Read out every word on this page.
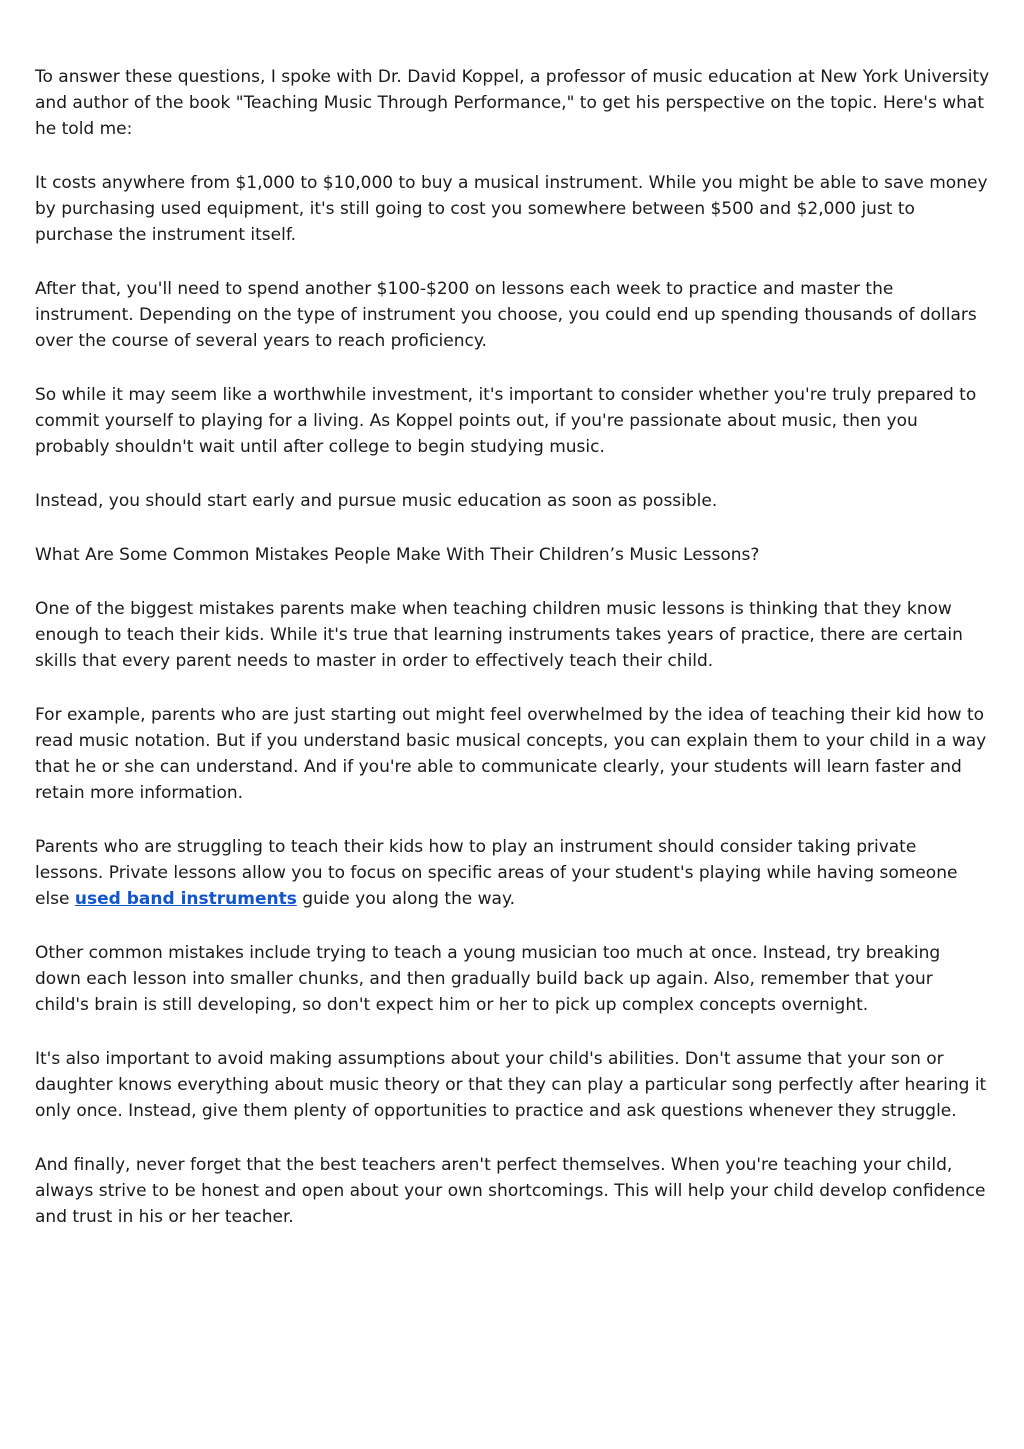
To answer these questions, I spoke with Dr. David Koppel, a professor of music education at New York University and author of the book "Teaching Music Through Performance," to get his perspective on the topic. Here's what he told me:

It costs anywhere from $1,000 to $10,000 to buy a musical instrument. While you might be able to save money by purchasing used equipment, it's still going to cost you somewhere between $500 and $2,000 just to purchase the instrument itself.

After that, you'll need to spend another $100-$200 on lessons each week to practice and master the instrument. Depending on the type of instrument you choose, you could end up spending thousands of dollars over the course of several years to reach proficiency.

So while it may seem like a worthwhile investment, it's important to consider whether you're truly prepared to commit yourself to playing for a living. As Koppel points out, if you're passionate about music, then you probably shouldn't wait until after college to begin studying music.

Instead, you should start early and pursue music education as soon as possible.

What Are Some Common Mistakes People Make With Their Children’s Music Lessons?

One of the biggest mistakes parents make when teaching children music lessons is thinking that they know enough to teach their kids. While it's true that learning instruments takes years of practice, there are certain skills that every parent needs to master in order to effectively teach their child.

For example, parents who are just starting out might feel overwhelmed by the idea of teaching their kid how to read music notation. But if you understand basic musical concepts, you can explain them to your child in a way that he or she can understand. And if you're able to communicate clearly, your students will learn faster and retain more information.

Parents who are struggling to teach their kids how to play an instrument should consider taking private lessons. Private lessons allow you to focus on specific areas of your student's playing while having someone else used band instruments guide you along the way.

Other common mistakes include trying to teach a young musician too much at once. Instead, try breaking down each lesson into smaller chunks, and then gradually build back up again. Also, remember that your child's brain is still developing, so don't expect him or her to pick up complex concepts overnight.

It's also important to avoid making assumptions about your child's abilities. Don't assume that your son or daughter knows everything about music theory or that they can play a particular song perfectly after hearing it only once. Instead, give them plenty of opportunities to practice and ask questions whenever they struggle.

And finally, never forget that the best teachers aren't perfect themselves. When you're teaching your child, always strive to be honest and open about your own shortcomings. This will help your child develop confidence and trust in his or her teacher.
